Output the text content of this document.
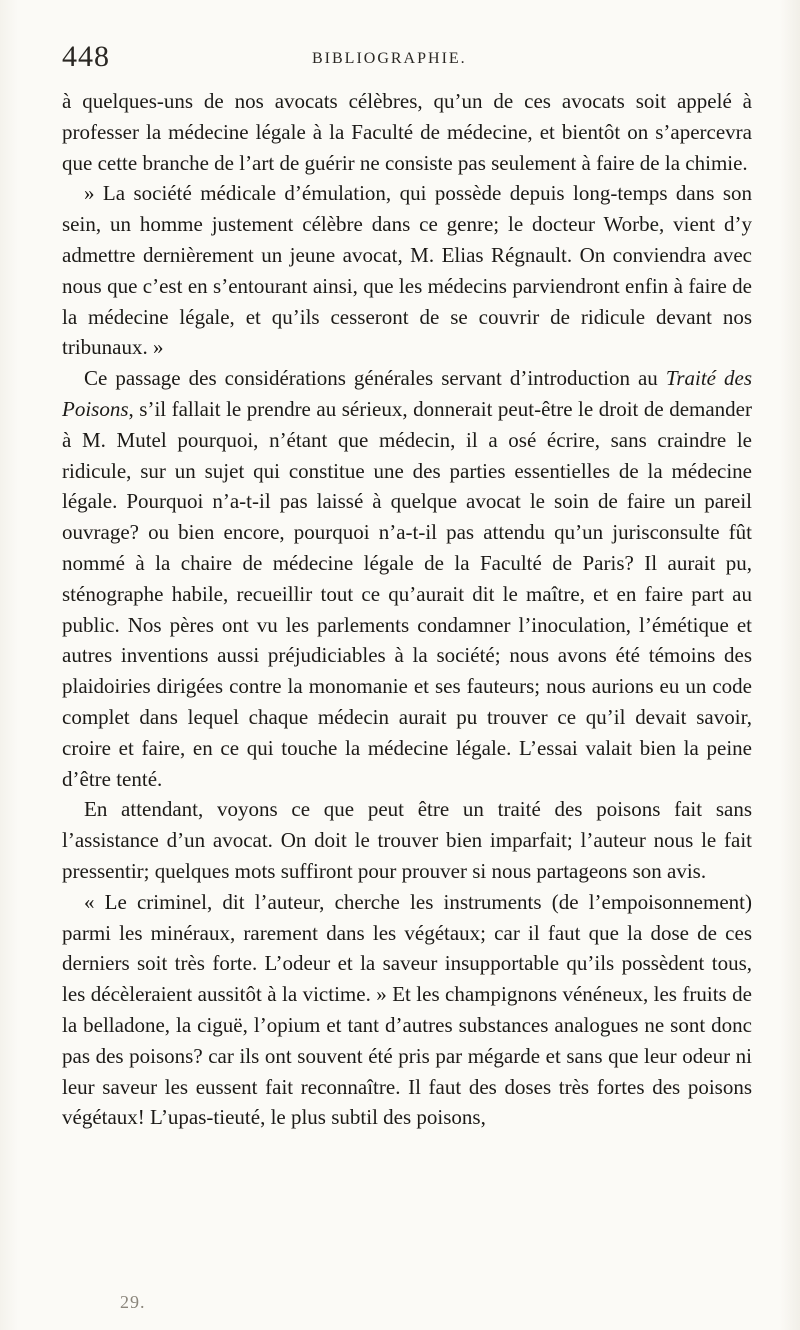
448	BIBLIOGRAPHIE.

à quelques-uns de nos avocats célèbres, qu’un de ces avocats soit appelé à professer la médecine légale à la Faculté de médecine, et bientôt on s’apercevra que cette branche de l’art de guérir ne consiste pas seulement à faire de la chimie.

» La société médicale d’émulation, qui possède depuis long-temps dans son sein, un homme justement célèbre dans ce genre; le docteur Worbe, vient d’y admettre dernièrement un jeune avocat, M. Elias Régnault. On conviendra avec nous que c’est en s’entourant ainsi, que les médecins parviendront enfin à faire de la médecine légale, et qu’ils cesseront de se couvrir de ridicule devant nos tribunaux. »

Ce passage des considérations générales servant d’introduction au Traité des Poisons, s’il fallait le prendre au sérieux, donnerait peut-être le droit de demander à M. Mutel pourquoi, n’étant que médecin, il a osé écrire, sans craindre le ridicule, sur un sujet qui constitue une des parties essentielles de la médecine légale. Pourquoi n’a-t-il pas laissé à quelque avocat le soin de faire un pareil ouvrage? ou bien encore, pourquoi n’a-t-il pas attendu qu’un jurisconsulte fût nommé à la chaire de médecine légale de la Faculté de Paris? Il aurait pu, sténographe habile, recueillir tout ce qu’aurait dit le maître, et en faire part au public. Nos pères ont vu les parlements condamner l’inoculation, l’émétique et autres inventions aussi préjudiciables à la société; nous avons été témoins des plaidoiries dirigées contre la monomanie et ses fauteurs; nous aurions eu un code complet dans lequel chaque médecin aurait pu trouver ce qu’il devait savoir, croire et faire, en ce qui touche la médecine légale. L’essai valait bien la peine d’être tenté.

En attendant, voyons ce que peut être un traité des poisons fait sans l’assistance d’un avocat. On doit le trouver bien imparfait; l’auteur nous le fait pressentir; quelques mots suffiront pour prouver si nous partageons son avis.

« Le criminel, dit l’auteur, cherche les instruments (de l’empoisonnement) parmi les minéraux, rarement dans les végétaux; car il faut que la dose de ces derniers soit très forte. L’odeur et la saveur insupportable qu’ils possèdent tous, les décèleraient aussitôt à la victime. » Et les champignons vénéneux, les fruits de la belladone, la ciguë, l’opium et tant d’autres substances analogues ne sont donc pas des poisons? car ils ont souvent été pris par mégarde et sans que leur odeur ni leur saveur les eussent fait reconnaître. Il faut des doses très fortes des poisons végétaux! L’upas-tieuté, le plus subtil des poisons,

29.
